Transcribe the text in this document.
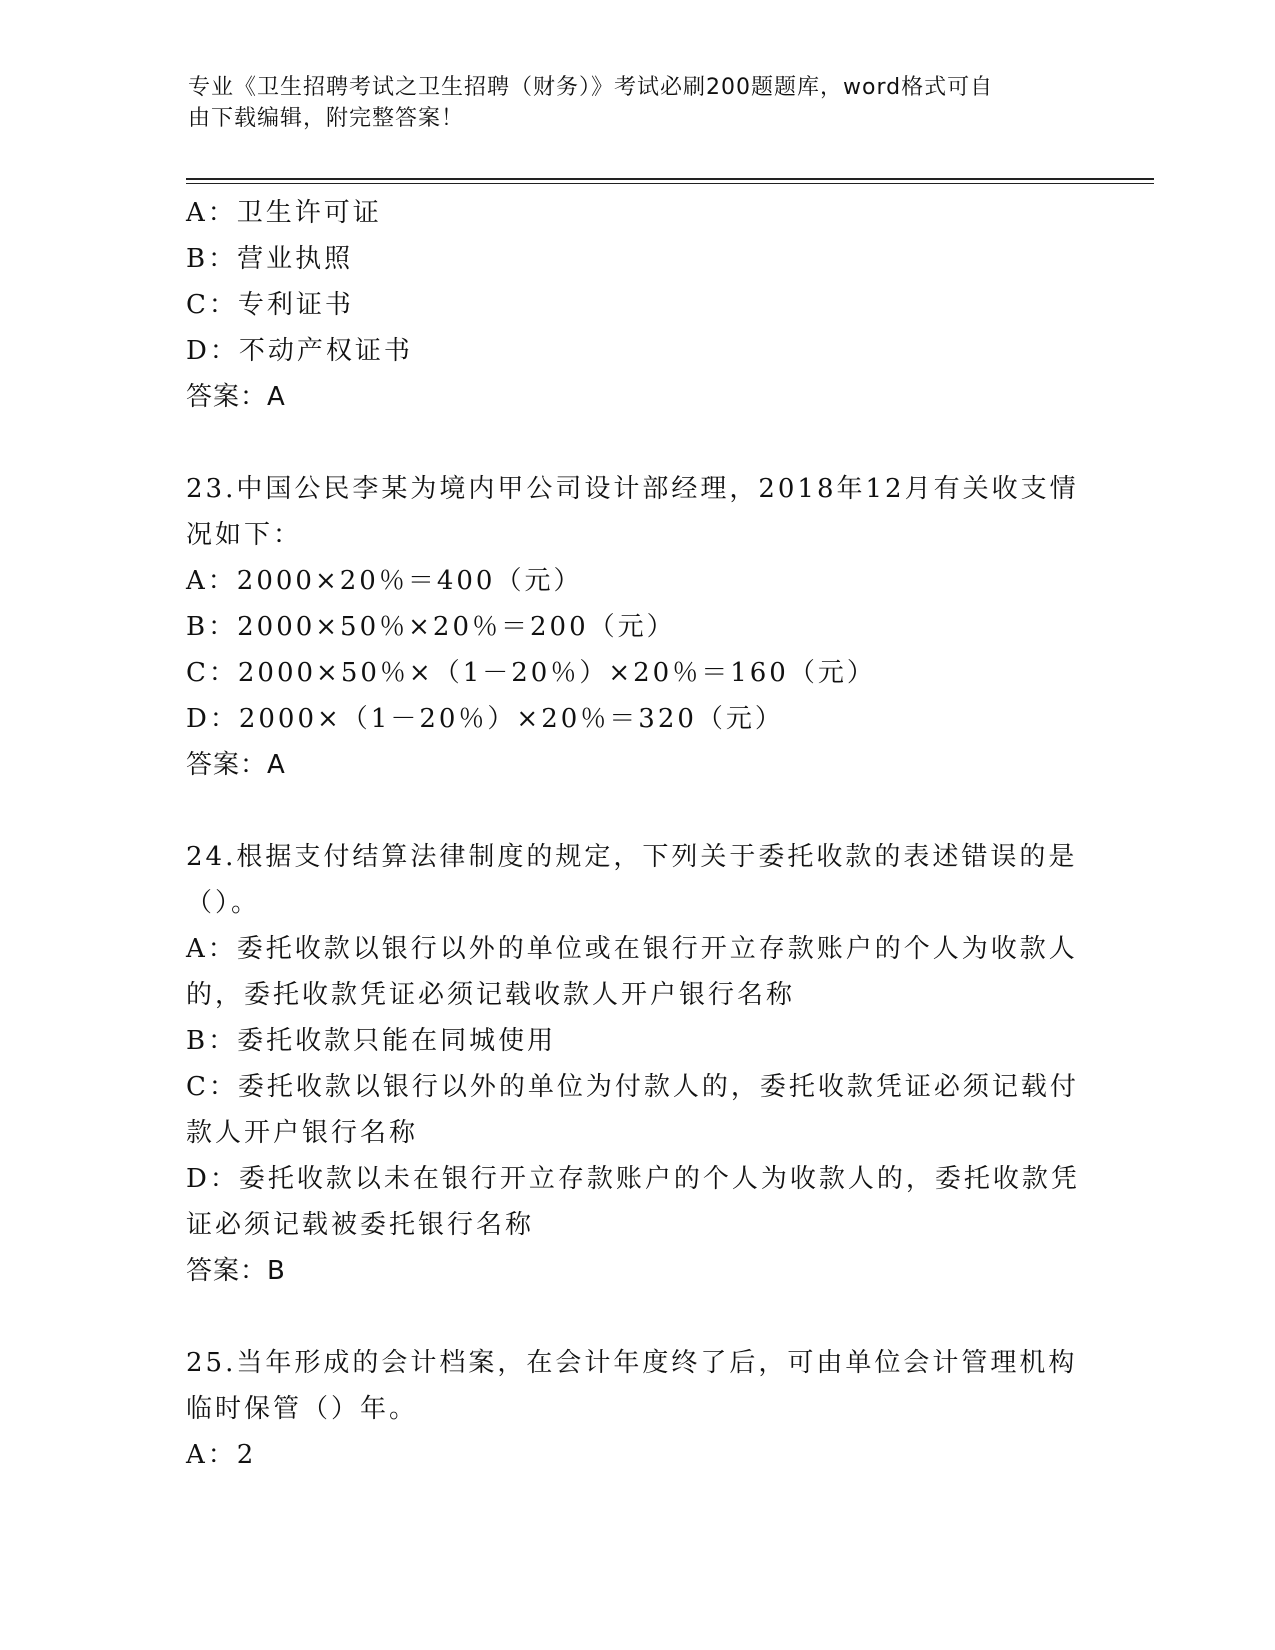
专业《卫生招聘考试之卫生招聘（财务）》考试必刷200题题库，word格式可自
由下载编辑，附完整答案！
A：卫生许可证
B：营业执照
C：专利证书
D：不动产权证书
答案：A
23.中国公民李某为境内甲公司设计部经理，2018年12月有关收支情
况如下：
A：2000×20％＝400（元）
B：2000×50％×20％＝200（元）
C：2000×50％×（1－20％）×20％＝160（元）
D：2000×（1－20％）×20％＝320（元）
答案：A
24.根据支付结算法律制度的规定，下列关于委托收款的表述错误的是
（）。
A：委托收款以银行以外的单位或在银行开立存款账户的个人为收款人
的，委托收款凭证必须记载收款人开户银行名称
B：委托收款只能在同城使用
C：委托收款以银行以外的单位为付款人的，委托收款凭证必须记载付
款人开户银行名称
D：委托收款以未在银行开立存款账户的个人为收款人的，委托收款凭
证必须记载被委托银行名称
答案：B
25.当年形成的会计档案，在会计年度终了后，可由单位会计管理机构
临时保管（）年。
A：2
